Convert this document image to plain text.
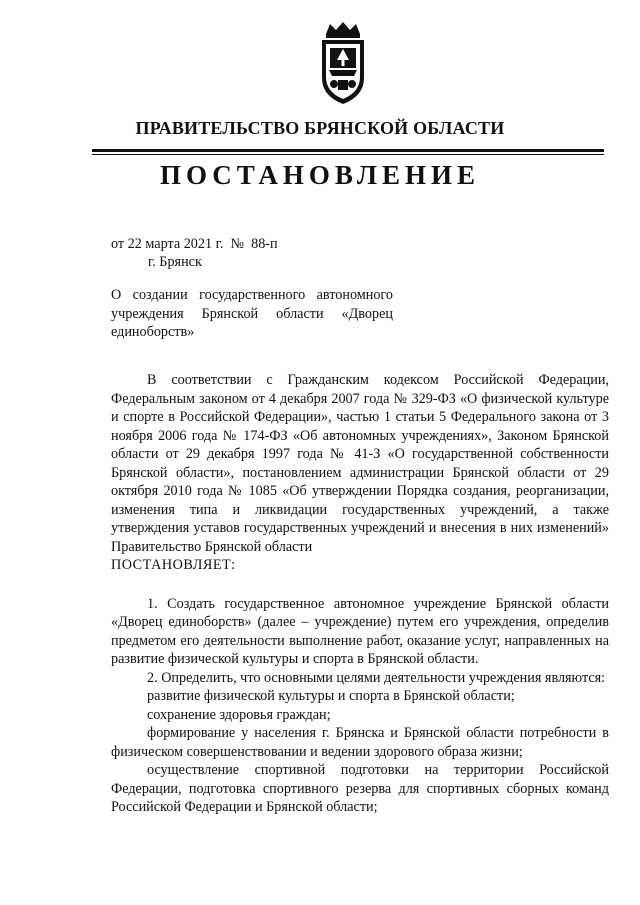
ПРАВИТЕЛЬСТВО БРЯНСКОЙ ОБЛАСТИ
ПОСТАНОВЛЕНИЕ
от 22 марта 2021 г.  №  88-п
г. Брянск
О создании государственного автономного учреждения Брянской области «Дворец единоборств»

В соответствии с Гражданским кодексом Российской Федерации, Федеральным законом от 4 декабря 2007 года № 329-ФЗ «О физической культуре и спорте в Российской Федерации», частью 1 статьи 5 Федерального закона от 3 ноября 2006 года № 174-ФЗ «Об автономных учреждениях», Законом Брянской области от 29 декабря 1997 года № 41-З «О государственной собственности Брянской области», постановлением администрации Брянской области от 29 октября 2010 года № 1085 «Об утверждении Порядка создания, реорганизации, изменения типа и ликвидации государственных учреждений, а также утверждения уставов государственных учреждений и внесения в них изменений» Правительство Брянской области

ПОСТАНОВЛЯЕТ:

1. Создать государственное автономное учреждение Брянской области «Дворец единоборств» (далее – учреждение) путем его учреждения, определив предметом его деятельности выполнение работ, оказание услуг, направленных на развитие физической культуры и спорта в Брянской области.

2. Определить, что основными целями деятельности учреждения являются:

развитие физической культуры и спорта в Брянской области;

сохранение здоровья граждан;

формирование у населения г. Брянска и Брянской области потребности в физическом совершенствовании и ведении здорового образа жизни;

осуществление спортивной подготовки на территории Российской Федерации, подготовка спортивного резерва для спортивных сборных команд Российской Федерации и Брянской области;
